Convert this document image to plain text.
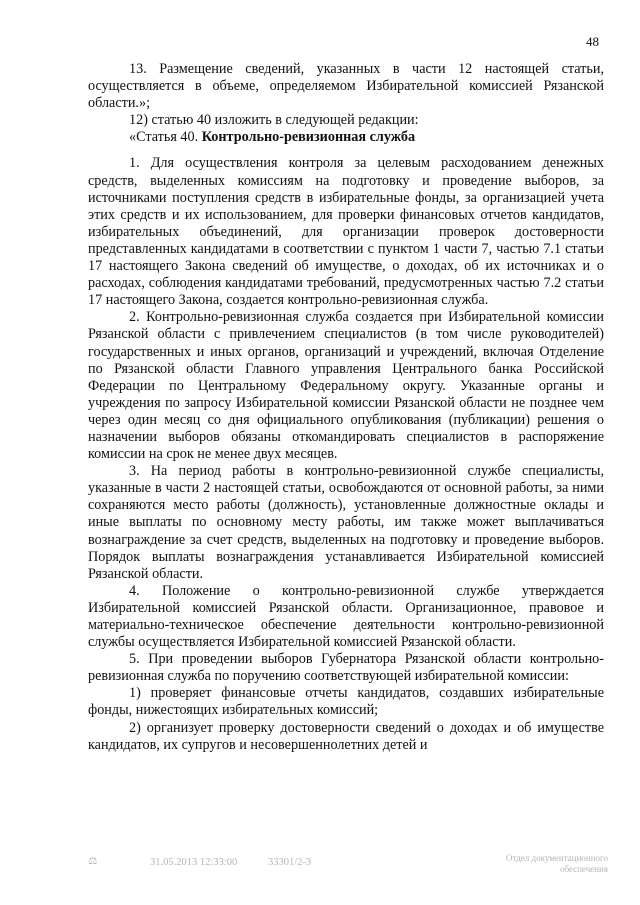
48

13. Размещение сведений, указанных в части 12 настоящей статьи, осуществляется в объеме, определяемом Избирательной комиссией Рязанской области.»;

12) статью 40 изложить в следующей редакции:

«Статья 40. Контрольно-ревизионная служба

1. Для осуществления контроля за целевым расходованием денежных средств, выделенных комиссиям на подготовку и проведение выборов, за источниками поступления средств в избирательные фонды, за организацией учета этих средств и их использованием, для проверки финансовых отчетов кандидатов, избирательных объединений, для организации проверок достоверности представленных кандидатами в соответствии с пунктом 1 части 7, частью 7.1 статьи 17 настоящего Закона сведений об имуществе, о доходах, об их источниках и о расходах, соблюдения кандидатами требований, предусмотренных частью 7.2 статьи 17 настоящего Закона, создается контрольно-ревизионная служба.

2. Контрольно-ревизионная служба создается при Избирательной комиссии Рязанской области с привлечением специалистов (в том числе руководителей) государственных и иных органов, организаций и учреждений, включая Отделение по Рязанской области Главного управления Центрального банка Российской Федерации по Центральному Федеральному округу. Указанные органы и учреждения по запросу Избирательной комиссии Рязанской области не позднее чем через один месяц со дня официального опубликования (публикации) решения о назначении выборов обязаны откомандировать специалистов в распоряжение комиссии на срок не менее двух месяцев.

3. На период работы в контрольно-ревизионной службе специалисты, указанные в части 2 настоящей статьи, освобождаются от основной работы, за ними сохраняются место работы (должность), установленные должностные оклады и иные выплаты по основному месту работы, им также может выплачиваться вознаграждение за счет средств, выделенных на подготовку и проведение выборов. Порядок выплаты вознаграждения устанавливается Избирательной комиссией Рязанской области.

4. Положение о контрольно-ревизионной службе утверждается Избирательной комиссией Рязанской области. Организационное, правовое и материально-техническое обеспечение деятельности контрольно-ревизионной службы осуществляется Избирательной комиссией Рязанской области.

5. При проведении выборов Губернатора Рязанской области контрольно-ревизионная служба по поручению соответствующей избирательной комиссии:

1) проверяет финансовые отчеты кандидатов, создавших избирательные фонды, нижестоящих избирательных комиссий;

2) организует проверку достоверности сведений о доходах и об имуществе кандидатов, их супругов и несовершеннолетних детей и

⚖	31.05.2013 12:33:00	33301/2-3	Отдел документационного
обеспечения
